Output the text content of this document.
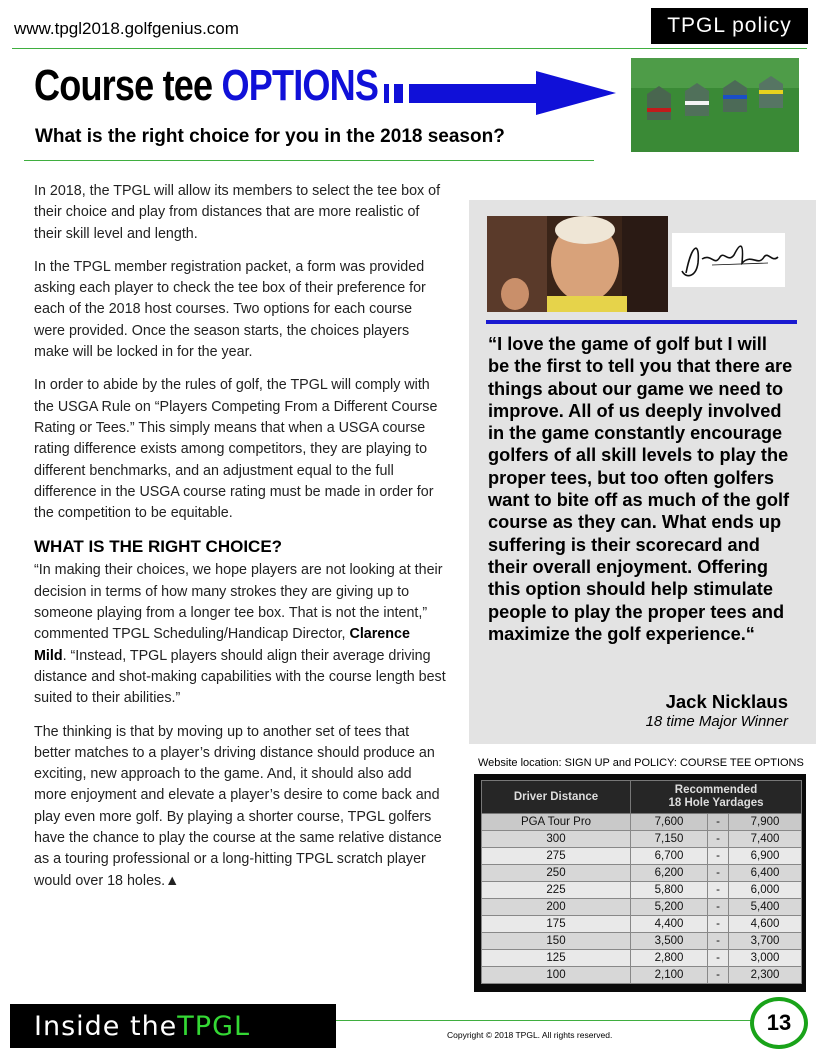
www.tpgl2018.golfgenius.com	TPGL policy
Course tee OPTIONS
What is the right choice for you in the 2018 season?

In 2018, the TPGL will allow its members to select the tee box of their choice and play from distances that are more realistic of their skill level and length.

In the TPGL member registration packet, a form was provided asking each player to check the tee box of their preference for each of the 2018 host courses. Two options for each course were provided. Once the season starts, the choices players make will be locked in for the year.

In order to abide by the rules of golf, the TPGL will comply with the USGA Rule on “Players Competing From a Different Course Rating or Tees.” This simply means that when a USGA course rating difference exists among competitors, they are playing to different benchmarks, and an adjustment equal to the full difference in the USGA course rating must be made in order for the competition to be equitable.

WHAT IS THE RIGHT CHOICE?

“In making their choices, we hope players are not looking at their decision in terms of how many strokes they are giving up to someone playing from a longer tee box. That is not the intent,” commented TPGL Scheduling/Handicap Director, Clarence Mild. “Instead, TPGL players should align their average driving distance and shot-making capabilities with the course length best suited to their abilities.”

The thinking is that by moving up to another set of tees that better matches to a player’s driving distance should produce an exciting, new approach to the game. And, it should also add more enjoyment and elevate a player’s desire to come back and play even more golf. By playing a shorter course, TPGL golfers have the chance to play the course at the same relative distance as a touring professional or a long-hitting TPGL scratch player would over 18 holes.▲

“I love the game of golf but I will be the first to tell you that there are things about our game we need to improve. All of us deeply involved in the game constantly encourage golfers of all skill levels to play the proper tees, but too often golfers want to bite off as much of the golf course as they can. What ends up suffering is their scorecard and their overall enjoyment. Offering this option should help stimulate people to play the proper tees and maximize the golf experience.“
Jack Nicklaus
18 time Major Winner
Website location: SIGN UP and POLICY: COURSE TEE OPTIONS
Driver Distance	Recommended
18 Hole Yardages		
PGA Tour Pro	7,600	-	7,900
300	7,150	-	7,400
275	6,700	-	6,900
250	6,200	-	6,400
225	5,800	-	6,000
200	5,200	-	5,400
175	4,400	-	4,600
150	3,500	-	3,700
125	2,800	-	3,000
100	2,100	-	2,300
Inside the TPGL	Copyright © 2018 TPGL. All rights reserved.	13
